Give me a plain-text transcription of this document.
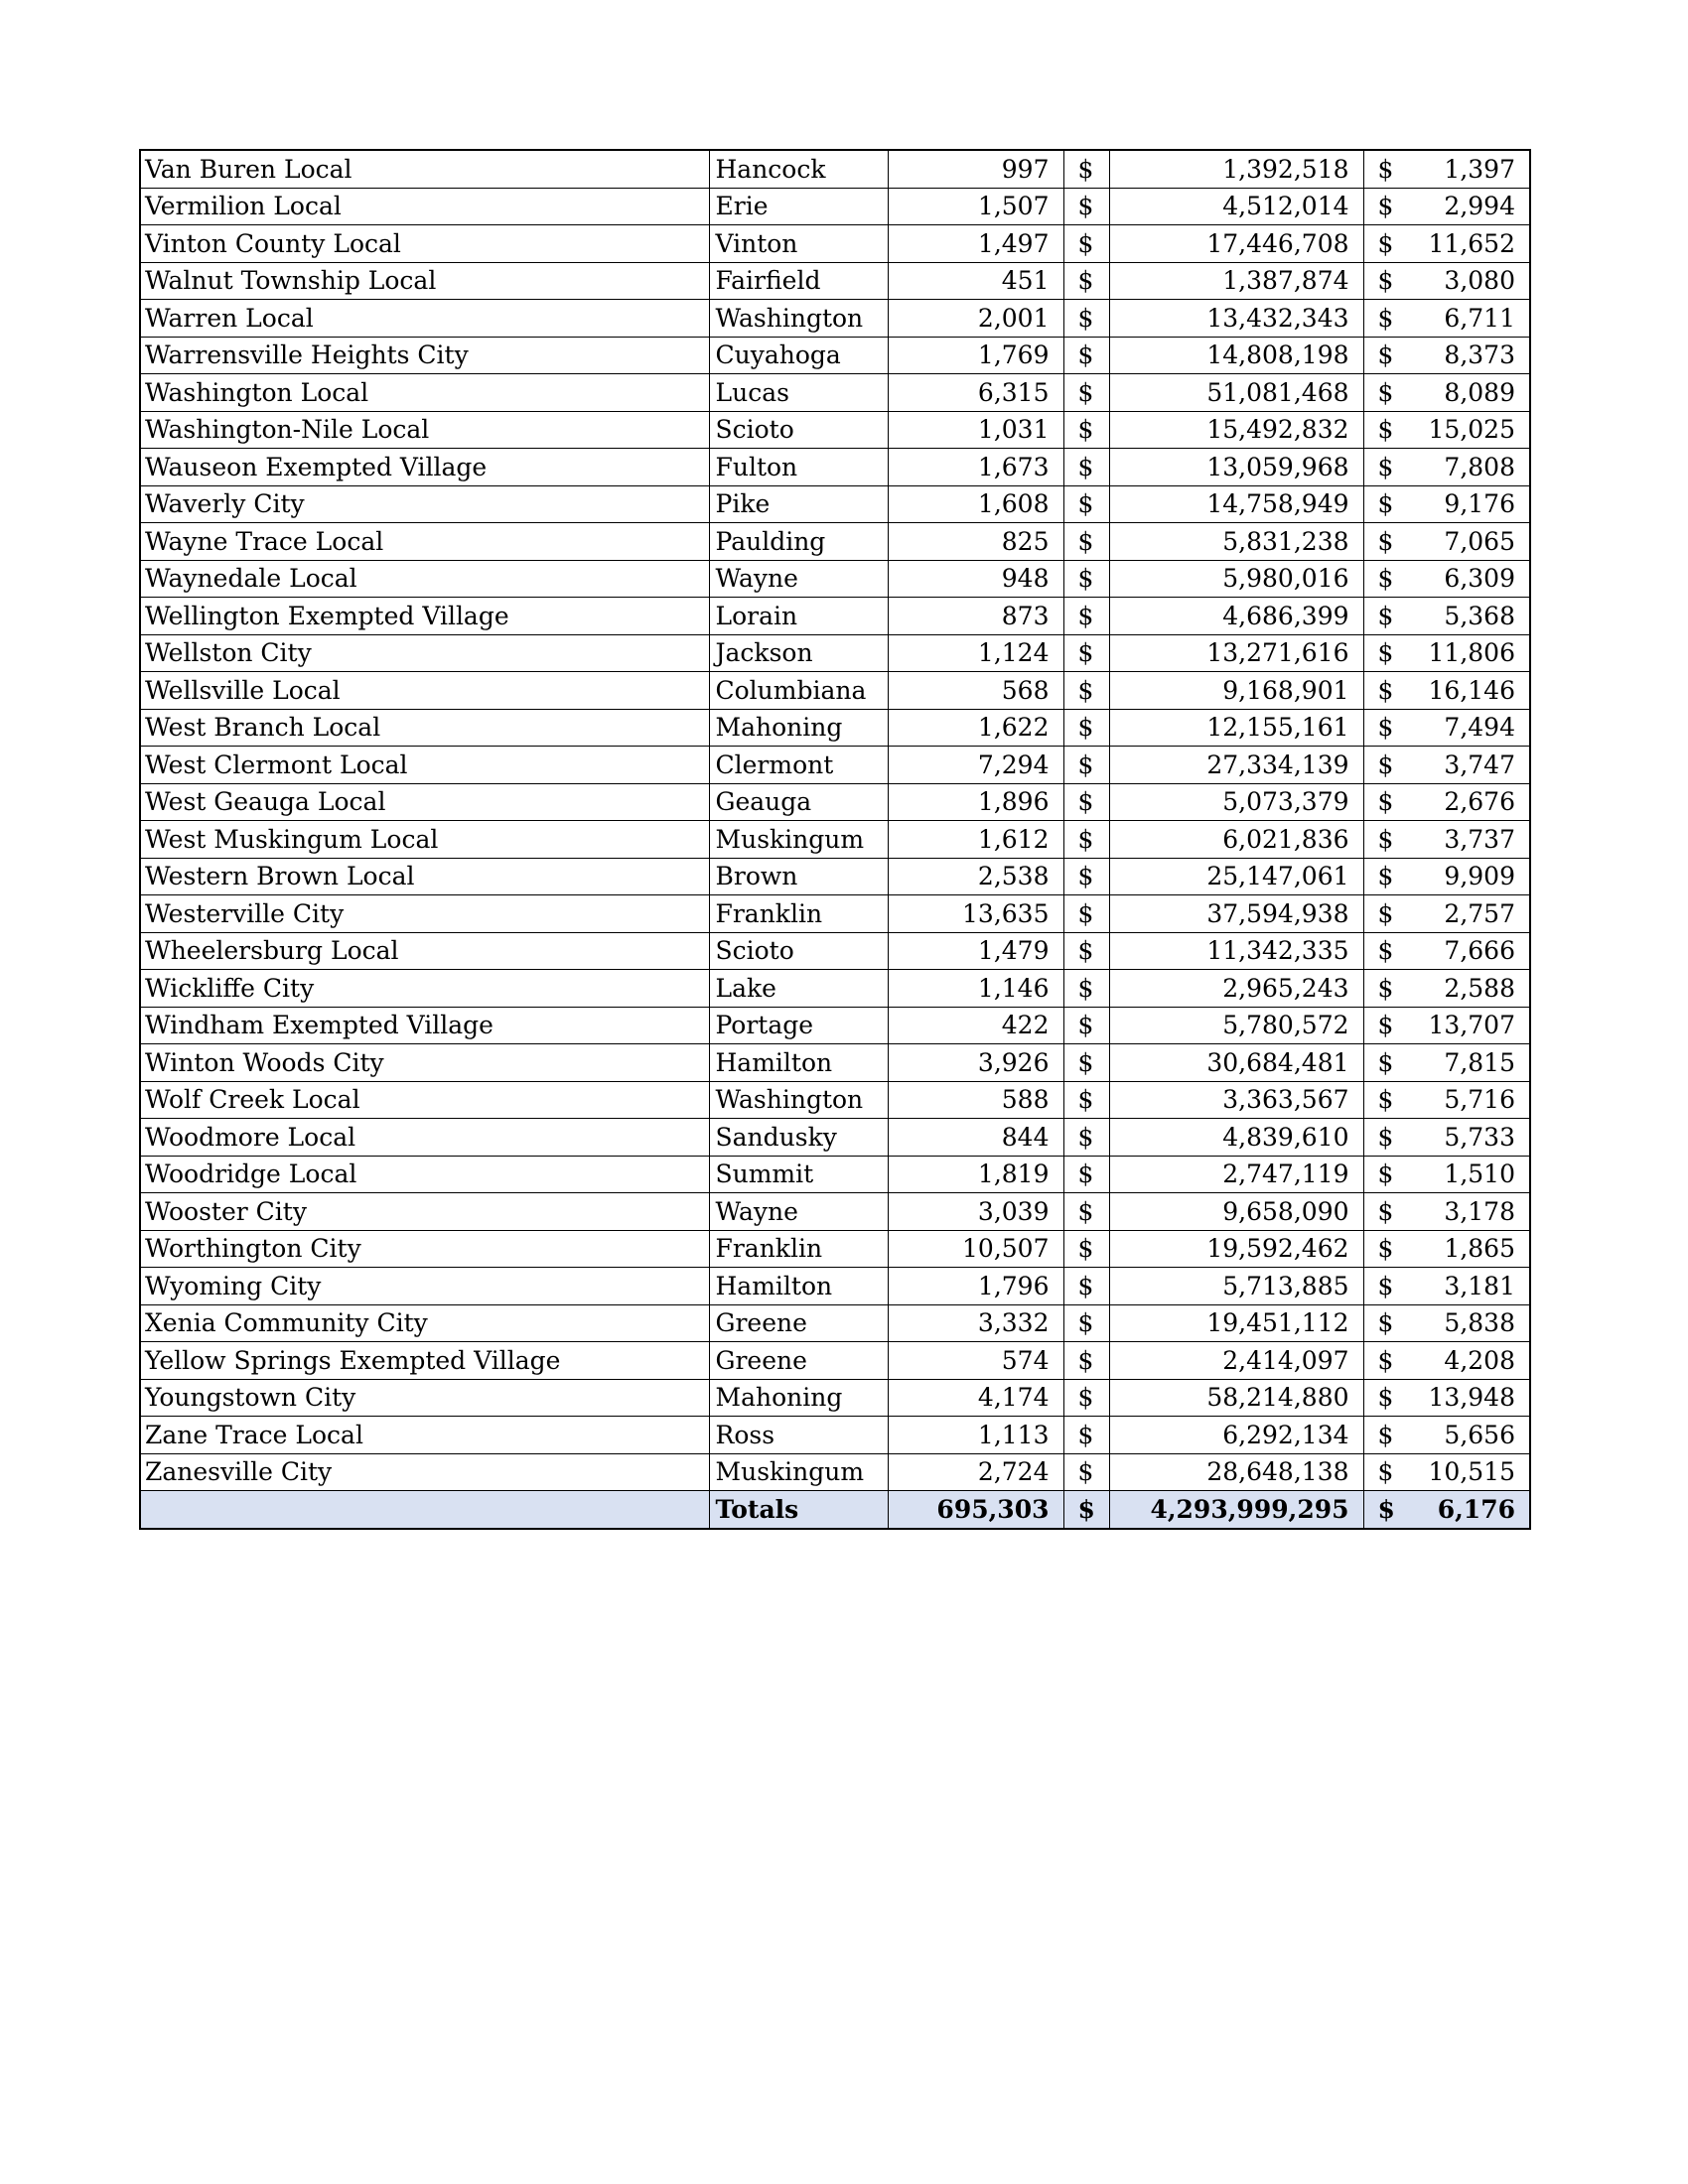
Van Buren Local	Hancock	997	$	1,392,518	$	1,397
Vermilion Local	Erie	1,507	$	4,512,014	$	2,994
Vinton County Local	Vinton	1,497	$	17,446,708	$	11,652
Walnut Township Local	Fairfield	451	$	1,387,874	$	3,080
Warren Local	Washington	2,001	$	13,432,343	$	6,711
Warrensville Heights City	Cuyahoga	1,769	$	14,808,198	$	8,373
Washington Local	Lucas	6,315	$	51,081,468	$	8,089
Washington-Nile Local	Scioto	1,031	$	15,492,832	$	15,025
Wauseon Exempted Village	Fulton	1,673	$	13,059,968	$	7,808
Waverly City	Pike	1,608	$	14,758,949	$	9,176
Wayne Trace Local	Paulding	825	$	5,831,238	$	7,065
Waynedale Local	Wayne	948	$	5,980,016	$	6,309
Wellington Exempted Village	Lorain	873	$	4,686,399	$	5,368
Wellston City	Jackson	1,124	$	13,271,616	$	11,806
Wellsville Local	Columbiana	568	$	9,168,901	$	16,146
West Branch Local	Mahoning	1,622	$	12,155,161	$	7,494
West Clermont Local	Clermont	7,294	$	27,334,139	$	3,747
West Geauga Local	Geauga	1,896	$	5,073,379	$	2,676
West Muskingum Local	Muskingum	1,612	$	6,021,836	$	3,737
Western Brown Local	Brown	2,538	$	25,147,061	$	9,909
Westerville City	Franklin	13,635	$	37,594,938	$	2,757
Wheelersburg Local	Scioto	1,479	$	11,342,335	$	7,666
Wickliffe City	Lake	1,146	$	2,965,243	$	2,588
Windham Exempted Village	Portage	422	$	5,780,572	$	13,707
Winton Woods City	Hamilton	3,926	$	30,684,481	$	7,815
Wolf Creek Local	Washington	588	$	3,363,567	$	5,716
Woodmore Local	Sandusky	844	$	4,839,610	$	5,733
Woodridge Local	Summit	1,819	$	2,747,119	$	1,510
Wooster City	Wayne	3,039	$	9,658,090	$	3,178
Worthington City	Franklin	10,507	$	19,592,462	$	1,865
Wyoming City	Hamilton	1,796	$	5,713,885	$	3,181
Xenia Community City	Greene	3,332	$	19,451,112	$	5,838
Yellow Springs Exempted Village	Greene	574	$	2,414,097	$	4,208
Youngstown City	Mahoning	4,174	$	58,214,880	$	13,948
Zane Trace Local	Ross	1,113	$	6,292,134	$	5,656
Zanesville City	Muskingum	2,724	$	28,648,138	$	10,515
	Totals	695,303	$	4,293,999,295	$	6,176
